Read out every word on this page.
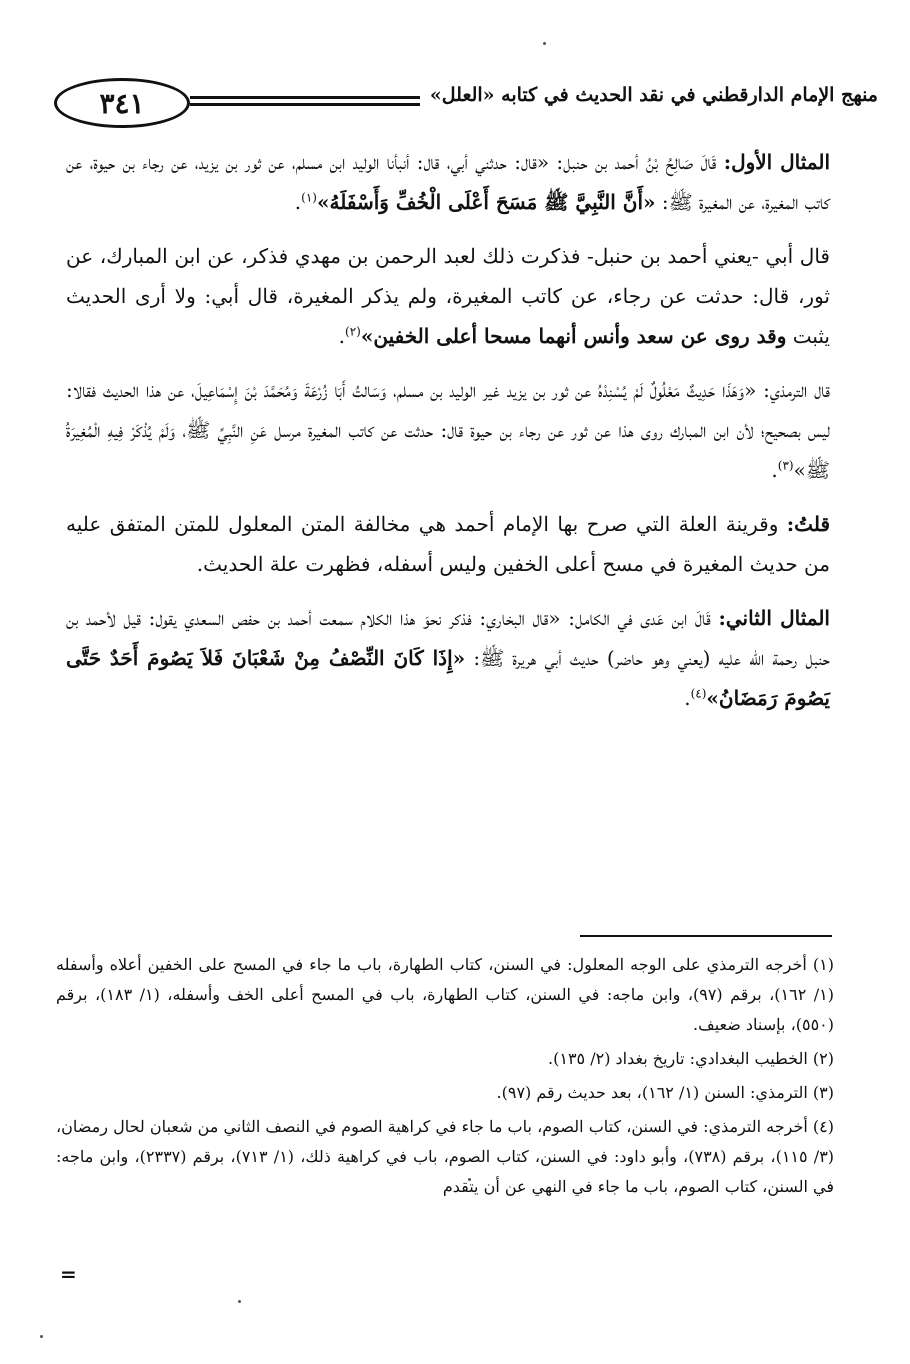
٣٤١	منهج الإمام الدارقطني في نقد الحديث في كتابه «العلل»

المثال الأول: قَالَ صَالِحُ بْنُ أحمد بن حنبل: «قال: حدثني أبي، قال: أنبأنا الوليد ابن مسلم، عن ثور بن يزيد، عن رجاء بن حيوة، عن كاتب المغيرة، عن المغيرة ﷺ: «أَنَّ النَّبِيَّ ﷺ مَسَحَ أَعْلَى الْخُفِّ وَأَسْفَلَهُ»$^{(١)}$.

قال أبي -يعني أحمد بن حنبل- فذكرت ذلك لعبد الرحمن بن مهدي فذكر، عن ابن المبارك، عن ثور، قال: حدثت عن رجاء، عن كاتب المغيرة، ولم يذكر المغيرة، قال أبي: ولا أرى الحديث يثبت وقد روى عن سعد وأنس أنهما مسحا أعلى الخفين»$^{(٢)}$.

قال الترمذي: «وَهَذَا حَدِيثٌ مَعْلُولٌ لَمْ يُسْنِدْهُ عن ثور بن يزيد غير الوليد بن مسلم، وَسَالتُ أَبَا زُرْعَةَ وَمُحَمَّدَ بْنَ إِسْمَاعِيلَ، عن هذا الحديث فقالا: ليس بصحيح؛ لأن ابن المبارك روى هذا عن ثور عن رجاء بن حيوة قال: حدثت عن كاتب المغيرة مرسل عَنِ النَّبِيِّ ﷺ، وَلَمْ يُذْكَرْ فِيهِ الْمُغِيرَةُ ﷺ»$^{(٣)}$.

قلتُ: وقرينة العلة التي صرح بها الإمام أحمد هي مخالفة المتن المعلول للمتن المتفق عليه من حديث المغيرة في مسح أعلى الخفين وليس أسفله، فظهرت علة الحديث.

المثال الثاني: قَالَ ابن عَدى في الكامل: «قال البخاري: فذكر نحوَ هذا الكلام سمعت أحمد بن حفص السعدي يقول: قيل لأحمد بن حنبل رحمة الله عليه (يعني وهو حاضر) حديث أبي هريرة ﷺ: «إِذَا كَانَ النِّصْفُ مِنْ شَعْبَانَ فَلاَ يَصُومَ أَحَدٌ حَتَّى يَصُومَ رَمَضَانُ»$^{(٤)}$.

(١) أخرجه الترمذي على الوجه المعلول: في السنن، كتاب الطهارة، باب ما جاء في المسح على الخفين أعلاه وأسفله (١/ ١٦٢)، برقم (٩٧)، وابن ماجه: في السنن، كتاب الطهارة، باب في المسح أعلى الخف وأسفله، (١/ ١٨٣)، برقم (٥٥٠)، بإسناد ضعيف.

(٢) الخطيب البغدادي: تاريخ بغداد (٢/ ١٣٥).

(٣) الترمذي: السنن (١/ ١٦٢)، بعد حديث رقم (٩٧).

(٤) أخرجه الترمذي: في السنن، كتاب الصوم، باب ما جاء في كراهية الصوم في النصف الثاني من شعبان لحال رمضان، (٣/ ١١٥)، برقم (٧٣٨)، وأبو داود: في السنن، كتاب الصوم، باب في كراهية ذلك، (١/ ٧١٣)، برقم (٢٣٣٧)، وابن ماجه: في السنن، كتاب الصوم، باب ما جاء في النهي عن أن يتقدم

=
